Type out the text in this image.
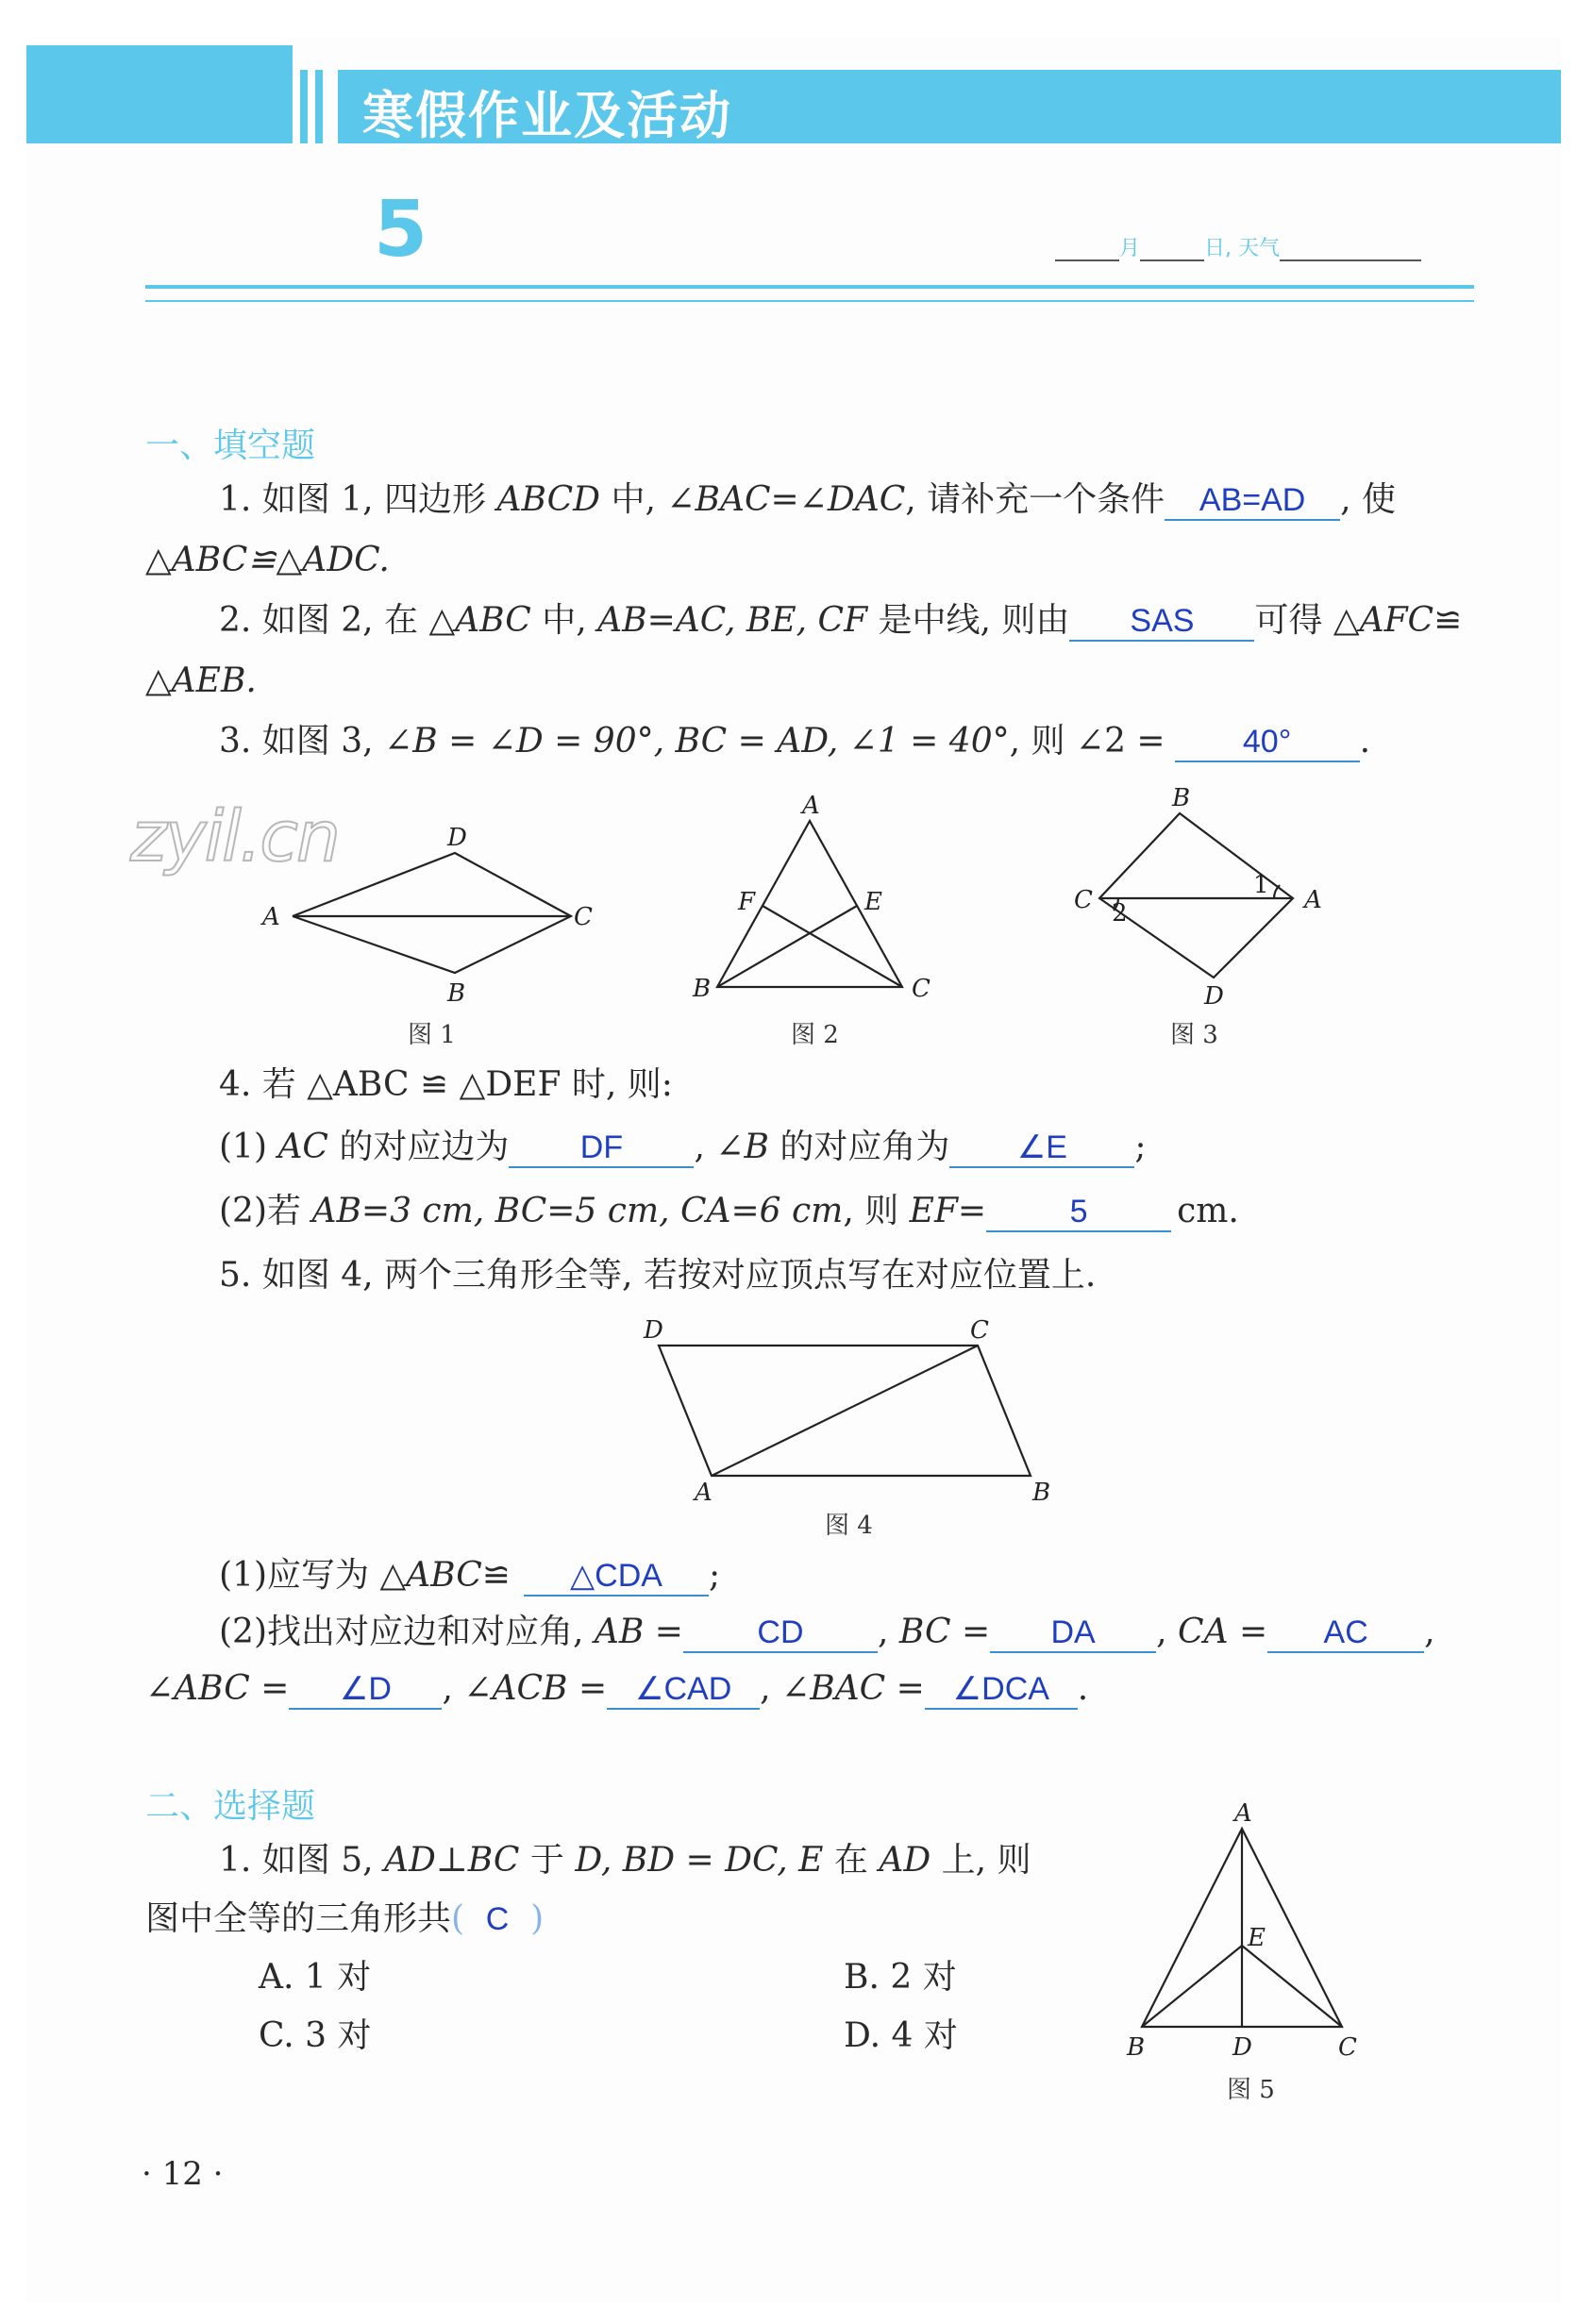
寒假作业及活动
5	月	日, 天气
一、填空题
1. 如图 1, 四边形 ABCD 中, ∠BAC=∠DAC, 请补充一个条件 AB=AD , 使
△ABC≌△ADC.
2. 如图 2, 在 △ABC 中, AB=AC, BE, CF 是中线, 则由 SAS 可得 △AFC≌
△AEB.
3. 如图 3, ∠B = ∠D = 90°, BC = AD, ∠1 = 40°, 则 ∠2 = 40° .
zyil.cn	D
A	C
B
图 1
A
F	E
B	C
图 2
B
C
1
2	A
D
图 3
4. 若 △ABC ≌ △DEF 时, 则:
(1) AC 的对应边为 DF , ∠B 的对应角为 ∠E ;
(2)若 AB=3 cm, BC=5 cm, CA=6 cm, 则 EF=	5	cm.
5. 如图 4, 两个三角形全等, 若按对应顶点写在对应位置上.
D	C
A	B
图 4
(1)应写为 △ABC≌ △CDA ;
(2)找出对应边和对应角, AB = CD , BC = DA , CA = AC ,
∠ABC = ∠D , ∠ACB = ∠CAD , ∠BAC = ∠DCA .
二、选择题
1. 如图 5, AD⊥BC 于 D, BD = DC, E 在 AD 上, 则
图中全等的三角形共( C )
A. 1 对	B. 2 对
C. 3 对	D. 4 对
A
E
B	D	C
图 5
· 12 ·
